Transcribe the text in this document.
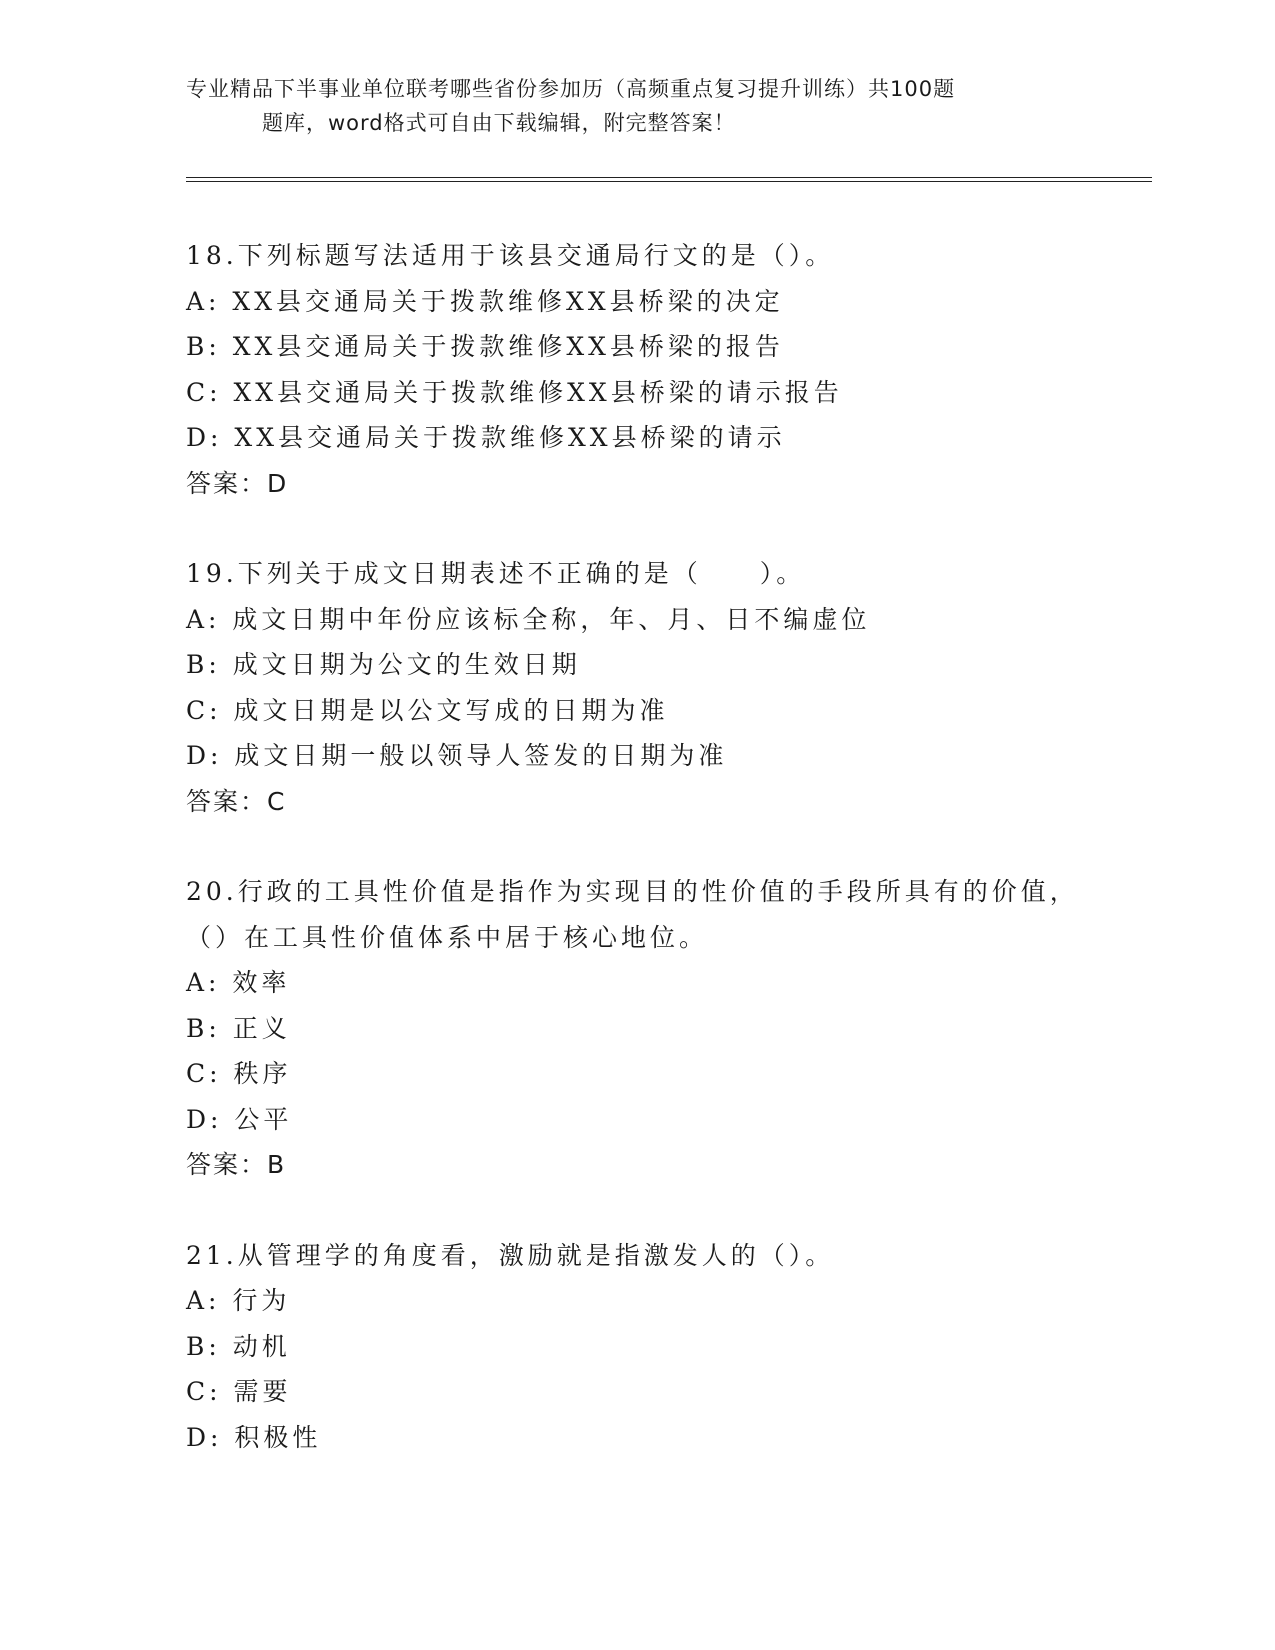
专业精品下半事业单位联考哪些省份参加历（高频重点复习提升训练）共100题
题库，word格式可自由下载编辑，附完整答案！
18.下列标题写法适用于该县交通局行文的是（）。
A: XX县交通局关于拨款维修XX县桥梁的决定
B: XX县交通局关于拨款维修XX县桥梁的报告
C: XX县交通局关于拨款维修XX县桥梁的请示报告
D: XX县交通局关于拨款维修XX县桥梁的请示
答案：D
19.下列关于成文日期表述不正确的是（　　）。
A: 成文日期中年份应该标全称，年、月、日不编虚位
B: 成文日期为公文的生效日期
C: 成文日期是以公文写成的日期为准
D: 成文日期一般以领导人签发的日期为准
答案：C
20.行政的工具性价值是指作为实现目的性价值的手段所具有的价值，
（）在工具性价值体系中居于核心地位。
A: 效率
B: 正义
C: 秩序
D: 公平
答案：B
21.从管理学的角度看，激励就是指激发人的（）。
A: 行为
B: 动机
C: 需要
D: 积极性
